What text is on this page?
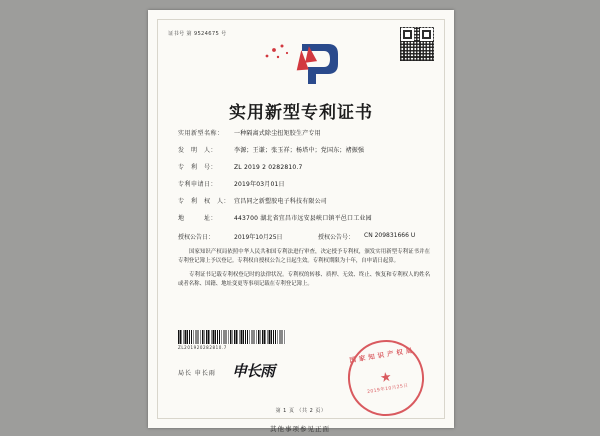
证书号 第 9524675 号
实用新型专利证书
实用新型名称：	一种隔离式除尘扭矩胶生产专用
发　明　人：	李源；王谦；张玉祥；杨塔中；党国东；褚振强
专　利　号：	ZL 2019 2 0282810.7
专利申请日：	2019年03月01日
专　利　权　人： 宜昌同之新塑胶电子科技有限公司
地　　　址：	443700 湖北省宜昌市远安县峡口镇平邑口工业园
授权公告日：	2019年10月25日	授权公告号：	CN 209831666 U

国家知识产权局依照中华人民共和国专利法进行审查，决定授予专利权，颁发实用新型专利证书并在专利登记簿上予以登记。专利权自授权公告之日起生效。专利权期限为十年，自申请日起算。

专利证书记载专利权登记时的法律状况。专利权的转移、质押、无效、终止、恢复和专利权人的姓名或者名称、国籍、地址变更等事项记载在专利登记簿上。

ZL201920282810.7
局长 申长雨	申长雨
国家知识产权局
★
2019年10月25日
第 1 页 （共 2 页）
其他事项参见正面
